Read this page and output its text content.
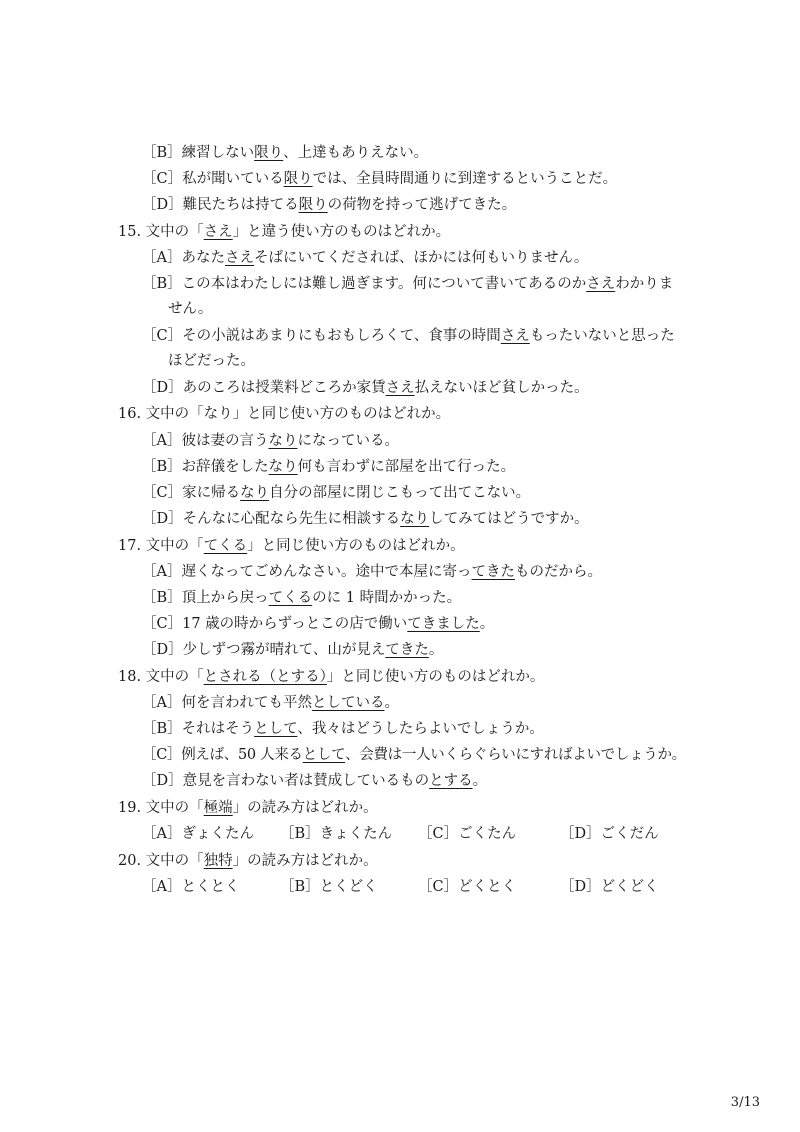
［B］練習しない限り、上達もありえない。
［C］私が聞いている限りでは、全員時間通りに到達するということだ。
［D］難民たちは持てる限りの荷物を持って逃げてきた。
15. 文中の「さえ」と違う使い方のものはどれか。
［A］あなたさえそばにいてくだされば、ほかには何もいりません。
［B］この本はわたしには難し過ぎます。何について書いてあるのかさえわかりま
せん。
［C］その小説はあまりにもおもしろくて、食事の時間さえもったいないと思った
ほどだった。
［D］あのころは授業料どころか家賃さえ払えないほど貧しかった。
16. 文中の「なり」と同じ使い方のものはどれか。
［A］彼は妻の言うなりになっている。
［B］お辞儀をしたなり何も言わずに部屋を出て行った。
［C］家に帰るなり自分の部屋に閉じこもって出てこない。
［D］そんなに心配なら先生に相談するなりしてみてはどうですか。
17. 文中の「てくる」と同じ使い方のものはどれか。
［A］遅くなってごめんなさい。途中で本屋に寄ってきたものだから。
［B］頂上から戻ってくるのに 1 時間かかった。
［C］17 歳の時からずっとこの店で働いてきました。
［D］少しずつ霧が晴れて、山が見えてきた。
18. 文中の「とされる（とする）」と同じ使い方のものはどれか。
［A］何を言われても平然としている。
［B］それはそうとして、我々はどうしたらよいでしょうか。
［C］例えば、50 人来るとして、会費は一人いくらぐらいにすればよいでしょうか。
［D］意見を言わない者は賛成しているものとする。
19. 文中の「極端」の読み方はどれか。
［A］ぎょくたん ［B］きょくたん ［C］ごくたん	［D］ごくだん
20. 文中の「独特」の読み方はどれか。
［A］とくとく	［B］とくどく	［C］どくとく	［D］どくどく
3/13
